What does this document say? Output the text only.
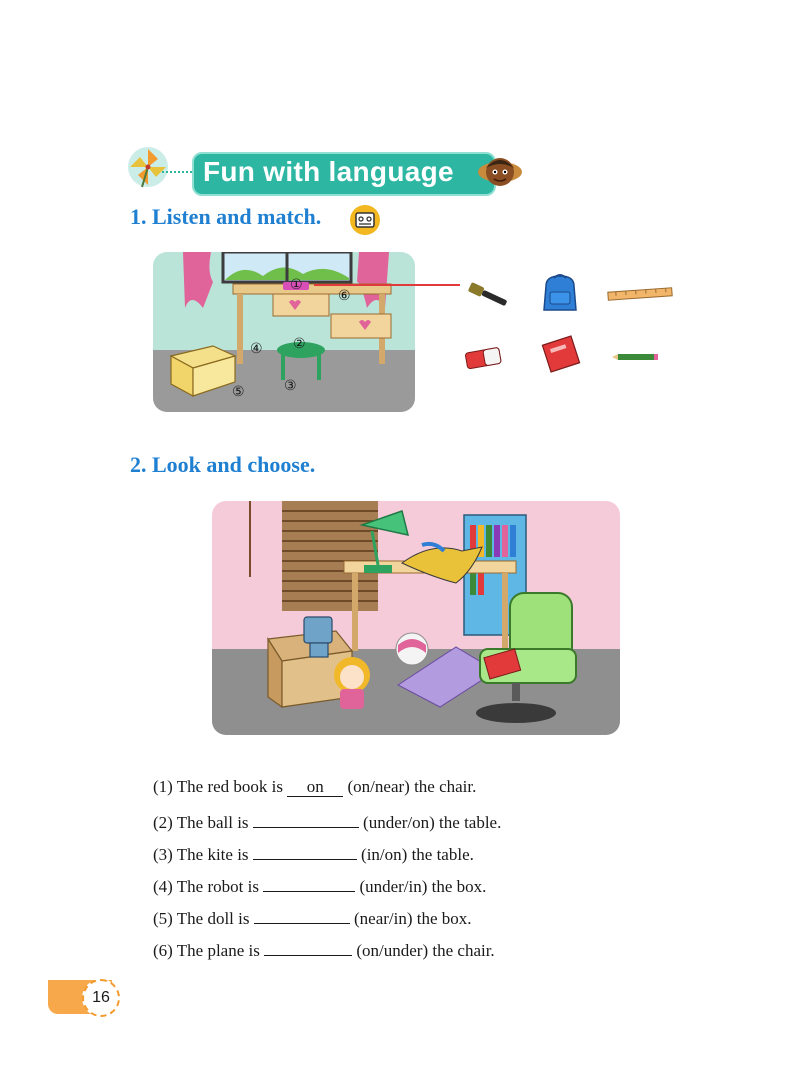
Fun with language
1. Listen and match.
①
②
③
④
⑤
⑥
2. Look and choose.
(1) The red book is on (on/near) the chair.
(2) The ball is	(under/on) the table.
(3) The kite is	(in/on) the table.
(4) The robot is	(under/in) the box.
(5) The doll is	(near/in) the box.
(6) The plane is	(on/under) the chair.
16
